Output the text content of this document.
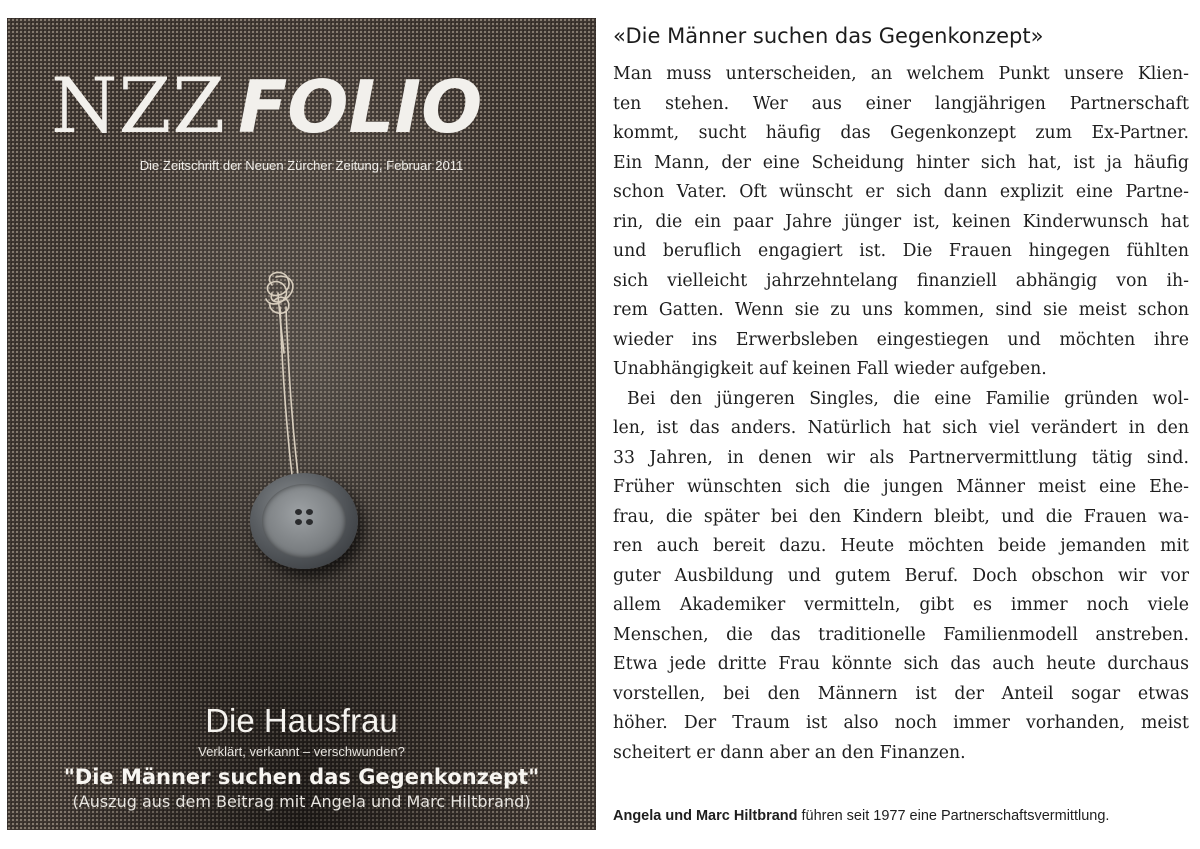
NZZ FOLIO
Die Zeitschrift der Neuen Zürcher Zeitung, Februar 2011
Die Hausfrau
Verklärt, verkannt – verschwunden?
"Die Männer suchen das Gegenkonzept"
(Auszug aus dem Beitrag mit Angela und Marc Hiltbrand)
«Die Männer suchen das Gegenkonzept»
Man muss unterscheiden, an welchem Punkt unsere Klien-
ten stehen. Wer aus einer langjährigen Partnerschaft
kommt, sucht häufig das Gegenkonzept zum Ex-Partner.
Ein Mann, der eine Scheidung hinter sich hat, ist ja häufig
schon Vater. Oft wünscht er sich dann explizit eine Partne-
rin, die ein paar Jahre jünger ist, keinen Kinderwunsch hat
und beruflich engagiert ist. Die Frauen hingegen fühlten
sich vielleicht jahrzehntelang finanziell abhängig von ih-
rem Gatten. Wenn sie zu uns kommen, sind sie meist schon
wieder ins Erwerbsleben eingestiegen und möchten ihre
Unabhängigkeit auf keinen Fall wieder aufgeben.
Bei den jüngeren Singles, die eine Familie gründen wol-
len, ist das anders. Natürlich hat sich viel verändert in den
33 Jahren, in denen wir als Partnervermittlung tätig sind.
Früher wünschten sich die jungen Männer meist eine Ehe-
frau, die später bei den Kindern bleibt, und die Frauen wa-
ren auch bereit dazu. Heute möchten beide jemanden mit
guter Ausbildung und gutem Beruf. Doch obschon wir vor
allem Akademiker vermitteln, gibt es immer noch viele
Menschen, die das traditionelle Familienmodell anstreben.
Etwa jede dritte Frau könnte sich das auch heute durchaus
vorstellen, bei den Männern ist der Anteil sogar etwas
höher. Der Traum ist also noch immer vorhanden, meist
scheitert er dann aber an den Finanzen.
Angela und Marc Hiltbrand führen seit 1977 eine Partnerschaftsvermittlung.
